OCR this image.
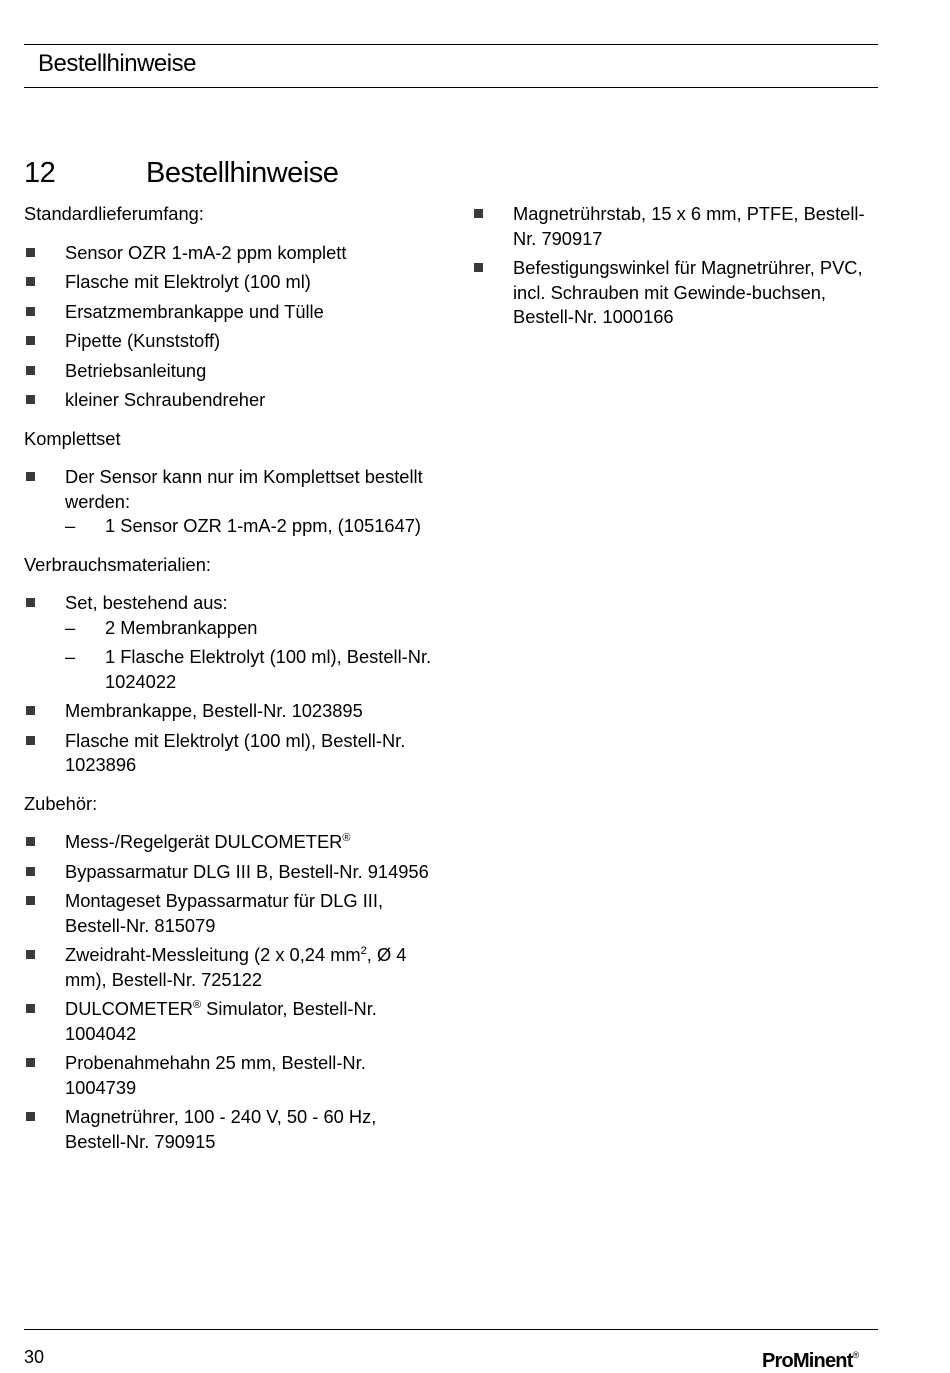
Bestellhinweise
12	Bestellhinweise

Standardlieferumfang:

Sensor OZR 1-mA-2 ppm komplett
Flasche mit Elektrolyt (100 ml)
Ersatzmembrankappe und Tülle
Pipette (Kunststoff)
Betriebsanleitung
kleiner Schraubendreher

Komplettset

Der Sensor kann nur im Komplettset bestellt werden:
– 1 Sensor OZR 1-mA-2 ppm, (1051647)

Verbrauchsmaterialien:

Set, bestehend aus:
– 2 Membrankappen
– 1 Flasche Elektrolyt (100 ml), Bestell-Nr. 1024022
Membrankappe, Bestell-Nr. 1023895
Flasche mit Elektrolyt (100 ml), Bestell-Nr. 1023896

Zubehör:

Mess-/Regelgerät DULCOMETER®
Bypassarmatur DLG III B, Bestell-Nr. 914956
Montageset Bypassarmatur für DLG III, Bestell-Nr. 815079
Zweidraht-Messleitung (2 x 0,24 $mm^2$, Ø 4 mm), Bestell-Nr. 725122
DULCOMETER® Simulator, Bestell-Nr. 1004042
Probenahmehahn 25 mm, Bestell-Nr. 1004739
Magnetrührer, 100 - 240 V, 50 - 60 Hz, Bestell-Nr. 790915
Magnetrührstab, 15 x 6 mm, PTFE, Bestell-Nr. 790917
Befestigungswinkel für Magnetrührer, PVC, incl. Schrauben mit Gewinde-buchsen, Bestell-Nr. 1000166
30	ProMinent®
